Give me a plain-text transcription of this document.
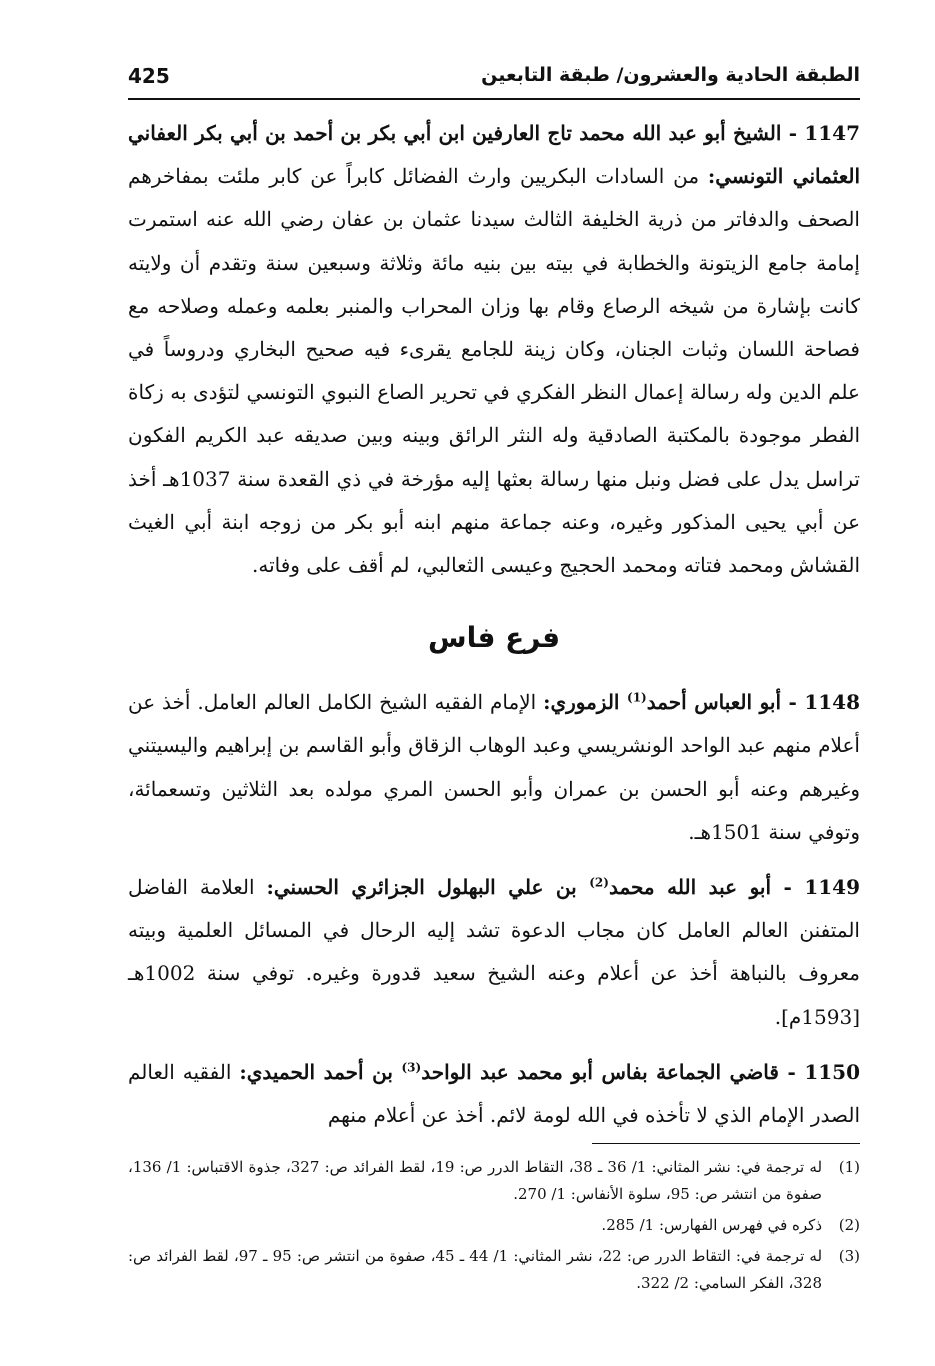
الطبقة الحادية والعشرون/ طبقة التابعين
425

1147 - الشيخ أبو عبد الله محمد تاج العارفين ابن أبي بكر بن أحمد بن أبي بكر العفاني العثماني التونسي: من السادات البكريين وارث الفضائل كابراً عن كابر ملئت بمفاخرهم الصحف والدفاتر من ذرية الخليفة الثالث سيدنا عثمان بن عفان رضي الله عنه استمرت إمامة جامع الزيتونة والخطابة في بيته بين بنيه مائة وثلاثة وسبعين سنة وتقدم أن ولايته كانت بإشارة من شيخه الرصاع وقام بها وزان المحراب والمنبر بعلمه وعمله وصلاحه مع فصاحة اللسان وثبات الجنان، وكان زينة للجامع يقرىء فيه صحيح البخاري ودروساً في علم الدين وله رسالة إعمال النظر الفكري في تحرير الصاع النبوي التونسي لتؤدى به زكاة الفطر موجودة بالمكتبة الصادقية وله النثر الرائق وبينه وبين صديقه عبد الكريم الفكون تراسل يدل على فضل ونبل منها رسالة بعثها إليه مؤرخة في ذي القعدة سنة 1037هـ أخذ عن أبي يحيى المذكور وغيره، وعنه جماعة منهم ابنه أبو بكر من زوجه ابنة أبي الغيث القشاش ومحمد فتاته ومحمد الحجيج وعيسى الثعالبي، لم أقف على وفاته.

فرع فاس

1148 - أبو العباس أحمد$^{(1)}$ الزموري: الإمام الفقيه الشيخ الكامل العالم العامل. أخذ عن أعلام منهم عبد الواحد الونشريسي وعبد الوهاب الزقاق وأبو القاسم بن إبراهيم واليسيتني وغيرهم وعنه أبو الحسن بن عمران وأبو الحسن المري مولده بعد الثلاثين وتسعمائة، وتوفي سنة 1501هـ.

1149 - أبو عبد الله محمد$^{(2)}$ بن علي البهلول الجزائري الحسني: العلامة الفاضل المتفنن العالم العامل كان مجاب الدعوة تشد إليه الرحال في المسائل العلمية وبيته معروف بالنباهة أخذ عن أعلام وعنه الشيخ سعيد قدورة وغيره. توفي سنة 1002هـ [1593م].

1150 - قاضي الجماعة بفاس أبو محمد عبد الواحد$^{(3)}$ بن أحمد الحميدي: الفقيه العالم الصدر الإمام الذي لا تأخذه في الله لومة لائم. أخذ عن أعلام منهم

(1)
له ترجمة في: نشر المثاني: 1/ 36 ـ 38، التقاط الدرر ص: 19، لقط الفرائد ص: 327، جذوة الاقتباس: 1/ 136، صفوة من انتشر ص: 95، سلوة الأنفاس: 1/ 270.
(2)
ذكره في فهرس الفهارس: 1/ 285.
(3)
له ترجمة في: التقاط الدرر ص: 22، نشر المثاني: 1/ 44 ـ 45، صفوة من انتشر ص: 95 ـ 97، لقط الفرائد ص: 328، الفكر السامي: 2/ 322.
